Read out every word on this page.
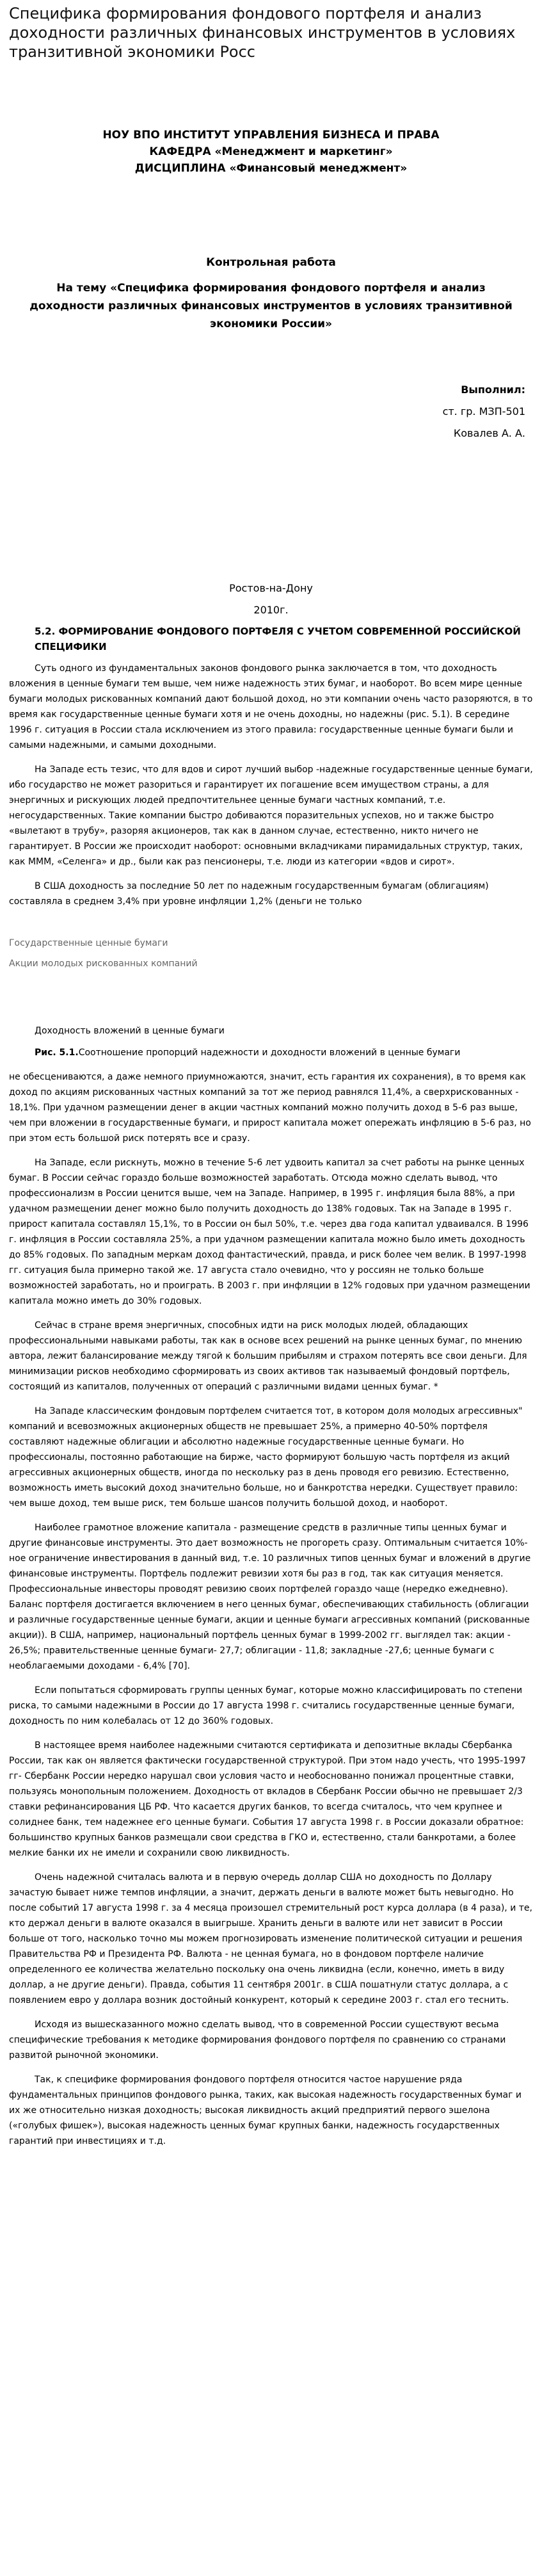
Специфика формирования фондового портфеля и анализ доходности различных финансовых инструментов в условиях транзитивной экономики Росс
НОУ ВПО ИНСТИТУТ УПРАВЛЕНИЯ БИЗНЕСА И ПРАВА
КАФЕДРА «Менеджмент и маркетинг»
ДИСЦИПЛИНА «Финансовый менеджмент»
Контрольная работа
На тему «Специфика формирования фондового портфеля и анализ доходности различных финансовых инструментов в условиях транзитивной экономики России»
Выполнил:
ст. гр. МЗП-501
Ковалев А. А.
Ростов-на-Дону
2010г.
5.2. ФОРМИРОВАНИЕ ФОНДОВОГО ПОРТФЕЛЯ С УЧЕТОМ СОВРЕМЕННОЙ РОССИЙСКОЙ СПЕЦИФИКИ

Суть одного из фундаментальных законов фондового рынка заключается в том, что доходность вложения в ценные бумаги тем выше, чем ниже надежность этих бумаг, и наоборот. Во всем мире ценные бумаги молодых рискованных компаний дают большой доход, но эти компании очень часто разоряются, в то время как государственные ценные бумаги хотя и не очень доходны, но надежны (рис. 5.1). В середине 1996 г. ситуация в России стала исключением из этого правила: государственные ценные бумаги были и самыми надежными, и самыми доходными.

На Западе есть тезис, что для вдов и сирот лучший выбор -надежные государственные ценные бумаги, ибо государство не может разориться и гарантирует их погашение всем имуществом страны, а для энергичных и рискующих людей предпочтительнее ценные бумаги частных компаний, т.е. негосударственных. Такие компании быстро добиваются поразительных успехов, но и также быстро «вылетают в трубу», разоряя акционеров, так как в данном случае, естественно, никто ничего не гарантирует. В России же происходит наоборот: основными вкладчиками пирамидальных структур, таких, как МММ, «Селенга» и др., были как раз пенсионеры, т.е. люди из категории «вдов и сирот».

В США доходность за последние 50 лет по надежным государственным бумагам (облигациям) составляла в среднем 3,4% при уровне инфляции 1,2% (деньги не только

Государственные ценные бумаги
Акции молодых рискованных компаний
Доходность вложений в ценные бумаги

Рис. 5.1.Соотношение пропорций надежности и доходности вложений в ценные бумаги

не обесцениваются, а даже немного приумножаются, значит, есть гарантия их сохранения), в то время как доход по акциям рискованных частных компаний за тот же период равнялся 11,4%, а сверхрискованных - 18,1%. При удачном размещении денег в акции частных компаний можно получить доход в 5-6 раз выше, чем при вложении в государственные бумаги, и прирост капитала может опережать инфляцию в 5-6 раз, но при этом есть большой риск потерять все и сразу.

На Западе, если рискнуть, можно в течение 5-6 лет удвоить капитал за счет работы на рынке ценных бумаг. В России сейчас гораздо больше возможностей заработать. Отсюда можно сделать вывод, что профессионализм в России ценится выше, чем на Западе. Например, в 1995 г. инфляция была 88%, а при удачном размещении денег можно было получить доходность до 138% годовых. Так на Западе в 1995 г. прирост капитала составлял 15,1%, то в России он был 50%, т.е. через два года капитал удваивался. В 1996 г. инфляция в России составляла 25%, а при удачном размещении капитала можно было иметь доходность до 85% годовых. По западным меркам доход фантастический, правда, и риск более чем велик. В 1997-1998 гг. ситуация была примерно такой же. 17 августа стало очевидно, что у россиян не только больше возможностей заработать, но и проиграть. В 2003 г. при инфляции в 12% годовых при удачном размещении капитала можно иметь до 30% годовых.

Сейчас в стране время энергичных, способных идти на риск молодых людей, обладающих профессиональными навыками работы, так как в основе всех решений на рынке ценных бумаг, по мнению автора, лежит балансирование между тягой к большим прибылям и страхом потерять все свои деньги. Для минимизации рисков необходимо сформировать из своих активов так называемый фондовый портфель, состоящий из капиталов, полученных от операций с различными видами ценных бумаг. *

На Западе классическим фондовым портфелем считается тот, в котором доля молодых агрессивных" компаний и всевозможных акционерных обществ не превышает 25%, а примерно 40-50% портфеля составляют надежные облигации и абсолютно надежные государственные ценные бумаги. Но профессионалы, постоянно работающие на бирже, часто формируют большую часть портфеля из акций агрессивных акционерных обществ, иногда по нескольку раз в день проводя его ревизию. Естественно, возможность иметь высокий доход значительно больше, но и банкротства нередки. Существует правило: чем выше доход, тем выше риск, тем больше шансов получить большой доход, и наоборот.

Наиболее грамотное вложение капитала - размещение средств в различные типы ценных бумаг и другие финансовые инструменты. Это дает возможность не прогореть сразу. Оптимальным считается 10%-ное ограничение инвестирования в данный вид, т.е. 10 различных типов ценных бумаг и вложений в другие финансовые инструменты. Портфель подлежит ревизии хотя бы раз в год, так как ситуация меняется. Профессиональные инвесторы проводят ревизию своих портфелей гораздо чаще (нередко ежедневно). Баланс портфеля достигается включением в него ценных бумаг, обеспечивающих стабильность (облигации и различные государственные ценные бумаги, акции и ценные бумаги агрессивных компаний (рискованные акции)). В США, например, национальный портфель ценных бумаг в 1999-2002 гг. выглядел так: акции - 26,5%; правительственные ценные бумаги- 27,7; облигации - 11,8; закладные -27,6; ценные бумаги с необлагаемыми доходами - 6,4% [70].

Если попытаться сформировать группы ценных бумаг, которые можно классифицировать по степени риска, то самыми надежными в России до 17 августа 1998 г. считались государственные ценные бумаги, доходность по ним колебалась от 12 до 360% годовых.

В настоящее время наиболее надежными считаются сертификата и депозитные вклады Сбербанка России, так как он является фактически государственной структурой. При этом надо учесть, что 1995-1997 гг- Сбербанк России нередко нарушал свои условия часто и необоснованно понижал процентные ставки, пользуясь монопольным положением. Доходность от вкладов в Сбербанк России обычно не превышает 2/3 ставки рефинансирования ЦБ РФ. Что касается других банков, то всегда считалось, что чем крупнее и солиднее банк, тем надежнее его ценные бумаги. События 17 августа 1998 г. в России доказали обратное: большинство крупных банков размещали свои средства в ГКО и, естественно, стали банкротами, а более мелкие банки их не имели и сохранили свою ликвидность.

Очень надежной считалась валюта и в первую очередь доллар США но доходность по Доллару зачастую бывает ниже темпов инфляции, а значит, держать деньги в валюте может быть невыгодно. Но после событий 17 августа 1998 г. за 4 месяца произошел стремительный рост курса доллара (в 4 раза), и те, кто держал деньги в валюте оказался в выигрыше. Хранить деньги в валюте или нет зависит в России больше от того, насколько точно мы можем прогнозировать изменение политической ситуации и решения Правительства РФ и Президента РФ. Валюта - не ценная бумага, но в фондовом портфеле наличие определенного ее количества желательно поскольку она очень ликвидна (если, конечно, иметь в виду доллар, а не другие деньги). Правда, события 11 сентября 2001г. в США пошатнули статус доллара, а с появлением евро у доллара возник достойный конкурент, который к середине 2003 г. стал его теснить.

Исходя из вышесказанного можно сделать вывод, что в современной России существуют весьма специфические требования к методике формирования фондового портфеля по сравнению со странами развитой рыночной экономики.

Так, к специфике формирования фондового портфеля относится частое нарушение ряда фундаментальных принципов фондового рынка, таких, как высокая надежность государственных бумаг и их же относительно низкая доходность; высокая ликвидность акций предприятий первого эшелона («голубых фишек»), высокая надежность ценных бумаг крупных банки, надежность государственных гарантий при инвестициях и т.д.
